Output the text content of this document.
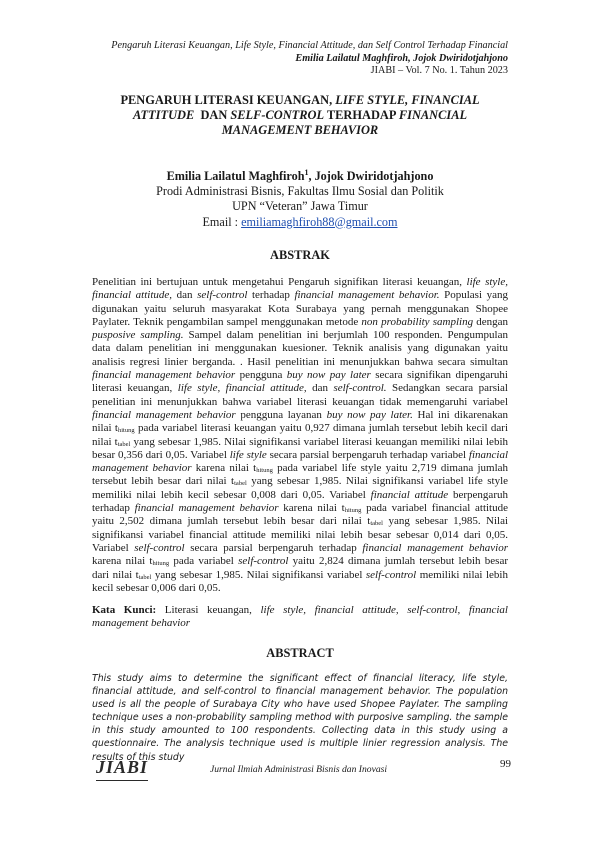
Pengaruh Literasi Keuangan, Life Style, Financial Attitude, dan Self Control Terhadap Financial
Emilia Lailatul Maghfiroh, Jojok Dwiridotjahjono
JIABI – Vol. 7 No. 1. Tahun 2023
PENGARUH LITERASI KEUANGAN, LIFE STYLE, FINANCIAL
ATTITUDE  DAN SELF-CONTROL TERHADAP FINANCIAL
MANAGEMENT BEHAVIOR
Emilia Lailatul Maghfiroh$^1$, Jojok Dwiridotjahjono
Prodi Administrasi Bisnis, Fakultas Ilmu Sosial dan Politik
UPN “Veteran” Jawa Timur
Email : emiliamaghfiroh88@gmail.com
ABSTRAK
Penelitian ini bertujuan untuk mengetahui Pengaruh signifikan literasi keuangan, life style, financial attitude, dan self-control terhadap financial management behavior. Populasi yang digunakan yaitu seluruh masyarakat Kota Surabaya yang pernah menggunakan Shopee Paylater. Teknik pengambilan sampel menggunakan metode non probability sampling dengan pusposive sampling. Sampel dalam penelitian ini berjumlah 100 responden. Pengumpulan data dalam penelitian ini menggunakan kuesioner. Teknik analisis yang digunakan yaitu analisis regresi linier berganda. . Hasil penelitian ini menunjukkan bahwa secara simultan financial management behavior pengguna buy now pay later secara signifikan dipengaruhi literasi keuangan, life style, financial attitude, dan self-control. Sedangkan secara parsial penelitian ini menunjukkan bahwa variabel literasi keuangan tidak memengaruhi variabel financial management behavior pengguna layanan buy now pay later. Hal ini dikarenakan nilai $t_{hitung}$ pada variabel literasi keuangan yaitu 0,927 dimana jumlah tersebut lebih kecil dari nilai $t_{tabel}$ yang sebesar 1,985. Nilai signifikansi variabel literasi keuangan memiliki nilai lebih besar 0,356 dari 0,05. Variabel life style secara parsial berpengaruh terhadap variabel financial management behavior karena nilai $t_{hitung}$ pada variabel life style yaitu 2,719 dimana jumlah tersebut lebih besar dari nilai $t_{tabel}$ yang sebesar 1,985. Nilai signifikansi variabel life style memiliki nilai lebih kecil sebesar 0,008 dari 0,05. Variabel financial attitude berpengaruh terhadap financial management behavior karena nilai $t_{hitung}$ pada variabel financial attitude yaitu 2,502 dimana jumlah tersebut lebih besar dari nilai $t_{tabel}$ yang sebesar 1,985. Nilai signifikansi variabel financial attitude memiliki nilai lebih besar sebesar 0,014 dari 0,05. Variabel self-control secara parsial berpengaruh terhadap financial management behavior karena nilai $t_{hitung}$ pada variabel self-control yaitu 2,824 dimana jumlah tersebut lebih besar dari nilai $t_{tabel}$ yang sebesar 1,985. Nilai signifikansi variabel self-control memiliki nilai lebih kecil sebesar 0,006 dari 0,05.
Kata Kunci: Literasi keuangan, life style, financial attitude, self-control, financial management behavior
ABSTRACT
This study aims to determine the significant effect of financial literacy, life style, financial attitude, and self-control to financial management behavior. The population used is all the people of Surabaya City who have used Shopee Paylater. The sampling technique uses a non-probability sampling method with purposive sampling. the sample in this study amounted to 100 respondents. Collecting data in this study using a questionnaire. The analysis technique used is multiple linier regression analysis. The results of this study
JIABI	Jurnal Ilmiah Administrasi Bisnis dan Inovasi	99
